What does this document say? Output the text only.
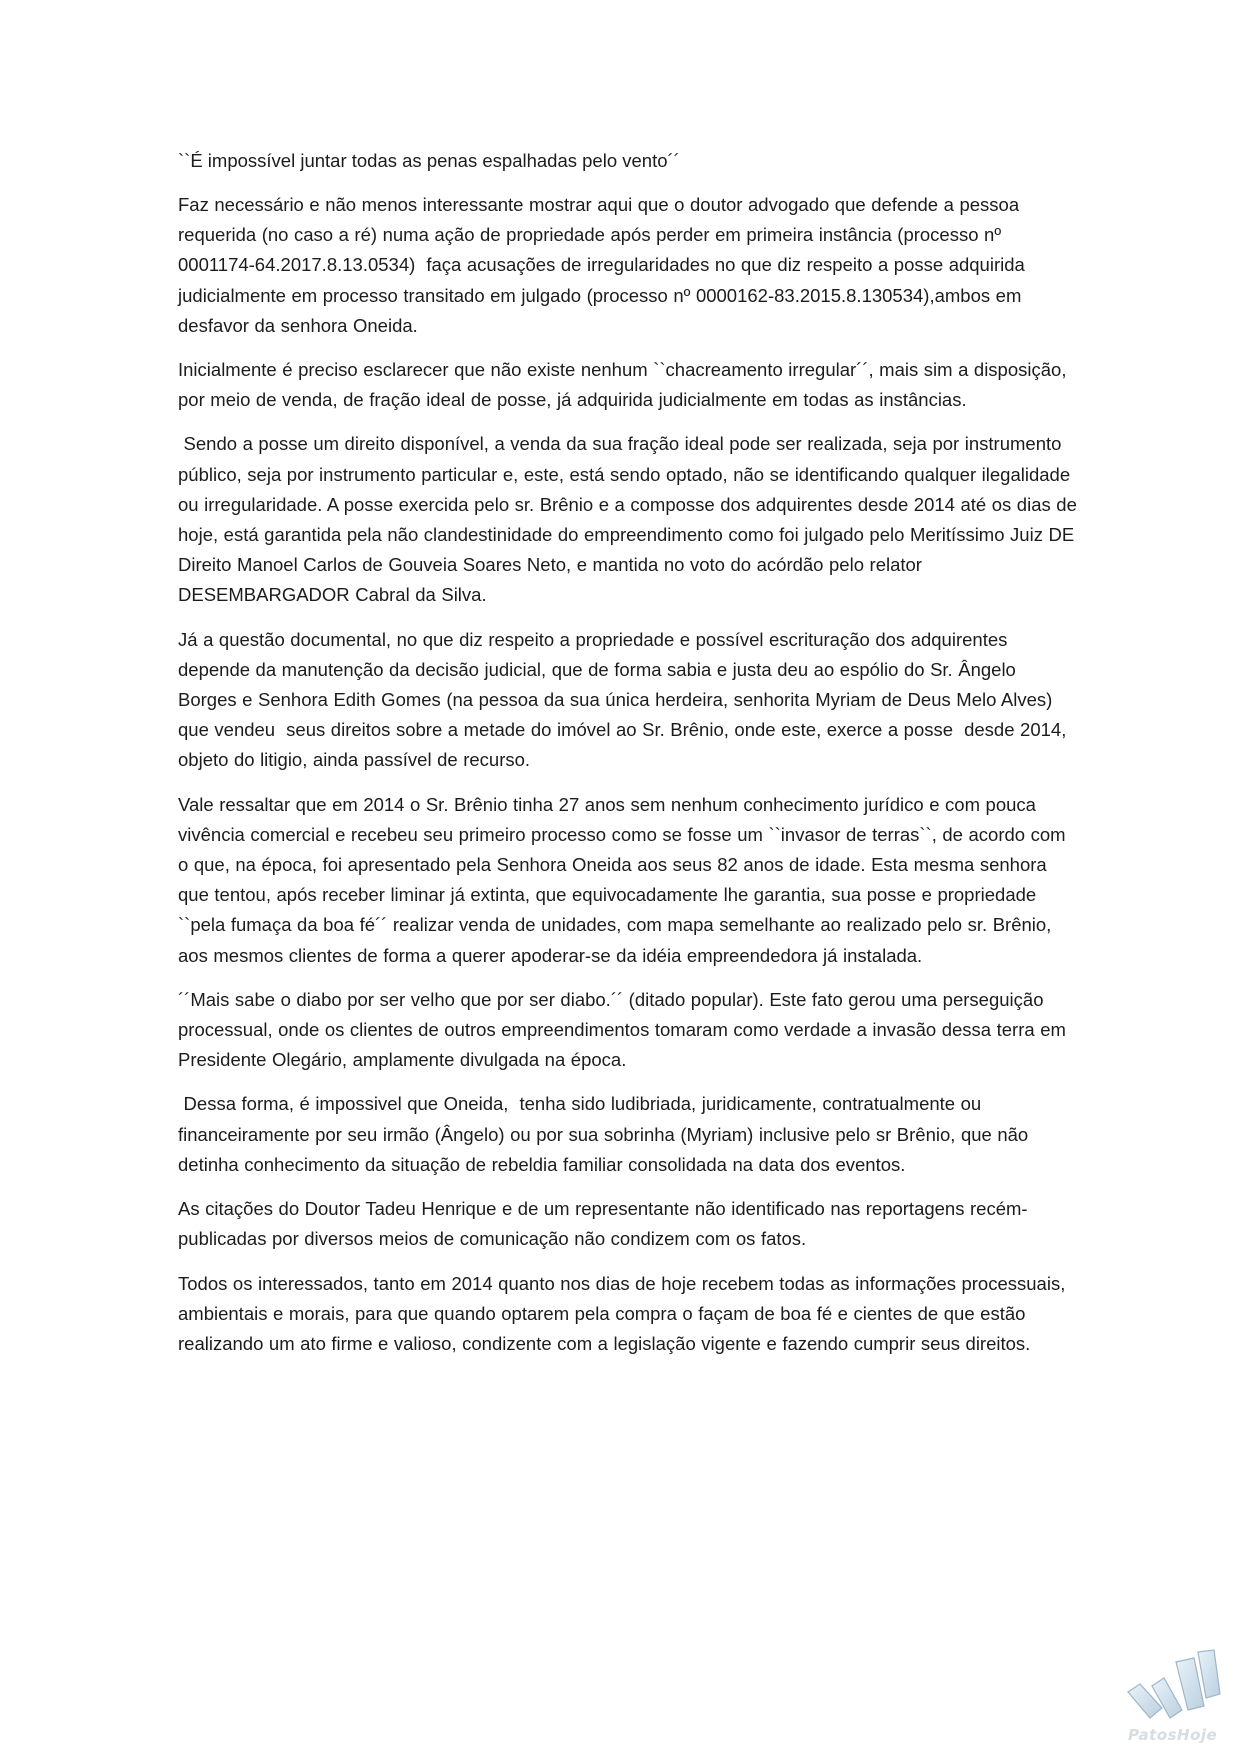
``É impossível juntar todas as penas espalhadas pelo vento´´

Faz necessário e não menos interessante mostrar aqui que o doutor advogado que defende a pessoa requerida (no caso a ré) numa ação de propriedade após perder em primeira instância (processo nº 0001174-64.2017.8.13.0534)  faça acusações de irregularidades no que diz respeito a posse adquirida judicialmente em processo transitado em julgado (processo nº 0000162-83.2015.8.130534),ambos em desfavor da senhora Oneida.

Inicialmente é preciso esclarecer que não existe nenhum ``chacreamento irregular´´, mais sim a disposição, por meio de venda, de fração ideal de posse, já adquirida judicialmente em todas as instâncias.

Sendo a posse um direito disponível, a venda da sua fração ideal pode ser realizada, seja por instrumento público, seja por instrumento particular e, este, está sendo optado, não se identificando qualquer ilegalidade ou irregularidade. A posse exercida pelo sr. Brênio e a composse dos adquirentes desde 2014 até os dias de hoje, está garantida pela não clandestinidade do empreendimento como foi julgado pelo Meritíssimo Juiz DE Direito Manoel Carlos de Gouveia Soares Neto, e mantida no voto do acórdão pelo relator DESEMBARGADOR Cabral da Silva.

Já a questão documental, no que diz respeito a propriedade e possível escrituração dos adquirentes depende da manutenção da decisão judicial, que de forma sabia e justa deu ao espólio do Sr. Ângelo Borges e Senhora Edith Gomes (na pessoa da sua única herdeira, senhorita Myriam de Deus Melo Alves) que vendeu  seus direitos sobre a metade do imóvel ao Sr. Brênio, onde este, exerce a posse  desde 2014, objeto do litigio, ainda passível de recurso.

Vale ressaltar que em 2014 o Sr. Brênio tinha 27 anos sem nenhum conhecimento jurídico e com pouca vivência comercial e recebeu seu primeiro processo como se fosse um ``invasor de terras``, de acordo com o que, na época, foi apresentado pela Senhora Oneida aos seus 82 anos de idade. Esta mesma senhora que tentou, após receber liminar já extinta, que equivocadamente lhe garantia, sua posse e propriedade ``pela fumaça da boa fé´´ realizar venda de unidades, com mapa semelhante ao realizado pelo sr. Brênio, aos mesmos clientes de forma a querer apoderar-se da idéia empreendedora já instalada.

´´Mais sabe o diabo por ser velho que por ser diabo.´´ (ditado popular). Este fato gerou uma perseguição processual, onde os clientes de outros empreendimentos tomaram como verdade a invasão dessa terra em Presidente Olegário, amplamente divulgada na época.

Dessa forma, é impossivel que Oneida,  tenha sido ludibriada, juridicamente, contratualmente ou financeiramente por seu irmão (Ângelo) ou por sua sobrinha (Myriam) inclusive pelo sr Brênio, que não detinha conhecimento da situação de rebeldia familiar consolidada na data dos eventos.

As citações do Doutor Tadeu Henrique e de um representante não identificado nas reportagens recém-publicadas por diversos meios de comunicação não condizem com os fatos.

Todos os interessados, tanto em 2014 quanto nos dias de hoje recebem todas as informações processuais, ambientais e morais, para que quando optarem pela compra o façam de boa fé e cientes de que estão realizando um ato firme e valioso, condizente com a legislação vigente e fazendo cumprir seus direitos.

PatosHoje
